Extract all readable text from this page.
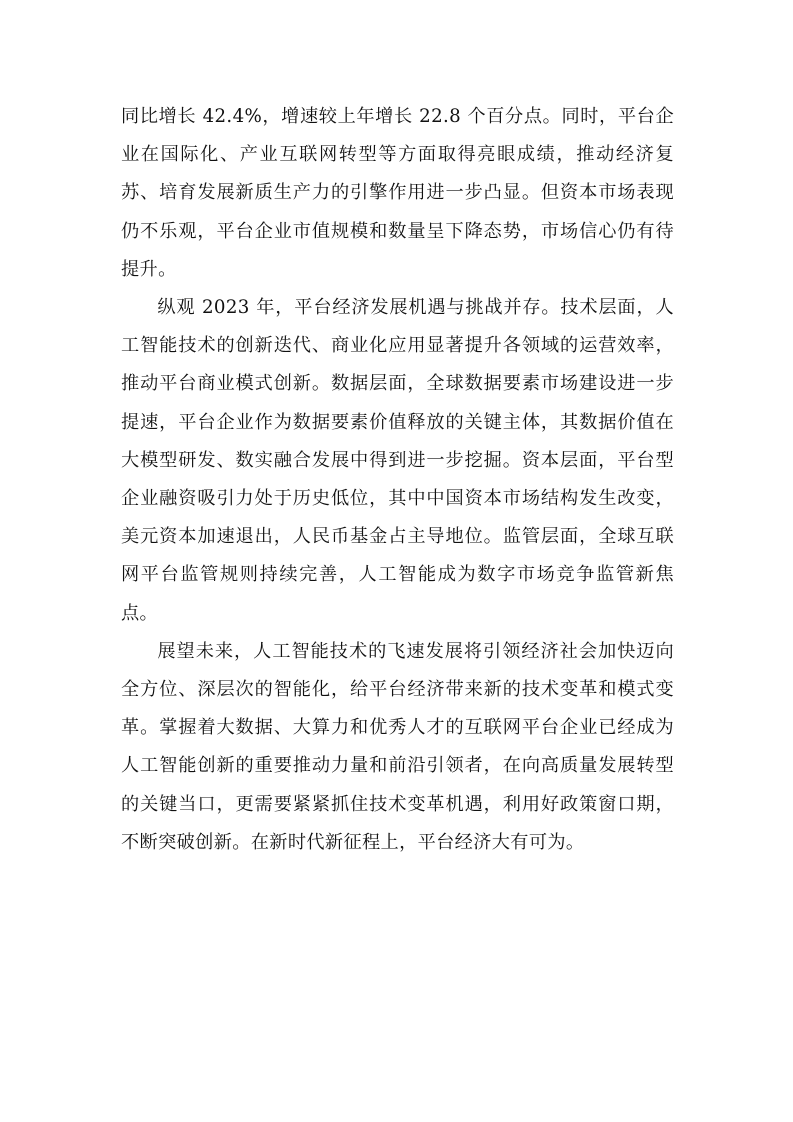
同比增长 42.4%，增速较上年增长 22.8 个百分点。同时，平台企业在国际化、产业互联网转型等方面取得亮眼成绩，推动经济复苏、培育发展新质生产力的引擎作用进一步凸显。但资本市场表现仍不乐观，平台企业市值规模和数量呈下降态势，市场信心仍有待提升。

纵观 2023 年，平台经济发展机遇与挑战并存。技术层面，人工智能技术的创新迭代、商业化应用显著提升各领域的运营效率，推动平台商业模式创新。数据层面，全球数据要素市场建设进一步提速，平台企业作为数据要素价值释放的关键主体，其数据价值在大模型研发、数实融合发展中得到进一步挖掘。资本层面，平台型企业融资吸引力处于历史低位，其中中国资本市场结构发生改变，美元资本加速退出，人民币基金占主导地位。监管层面，全球互联网平台监管规则持续完善，人工智能成为数字市场竞争监管新焦点。

展望未来，人工智能技术的飞速发展将引领经济社会加快迈向全方位、深层次的智能化，给平台经济带来新的技术变革和模式变革。掌握着大数据、大算力和优秀人才的互联网平台企业已经成为人工智能创新的重要推动力量和前沿引领者，在向高质量发展转型的关键当口，更需要紧紧抓住技术变革机遇，利用好政策窗口期，不断突破创新。在新时代新征程上，平台经济大有可为。
